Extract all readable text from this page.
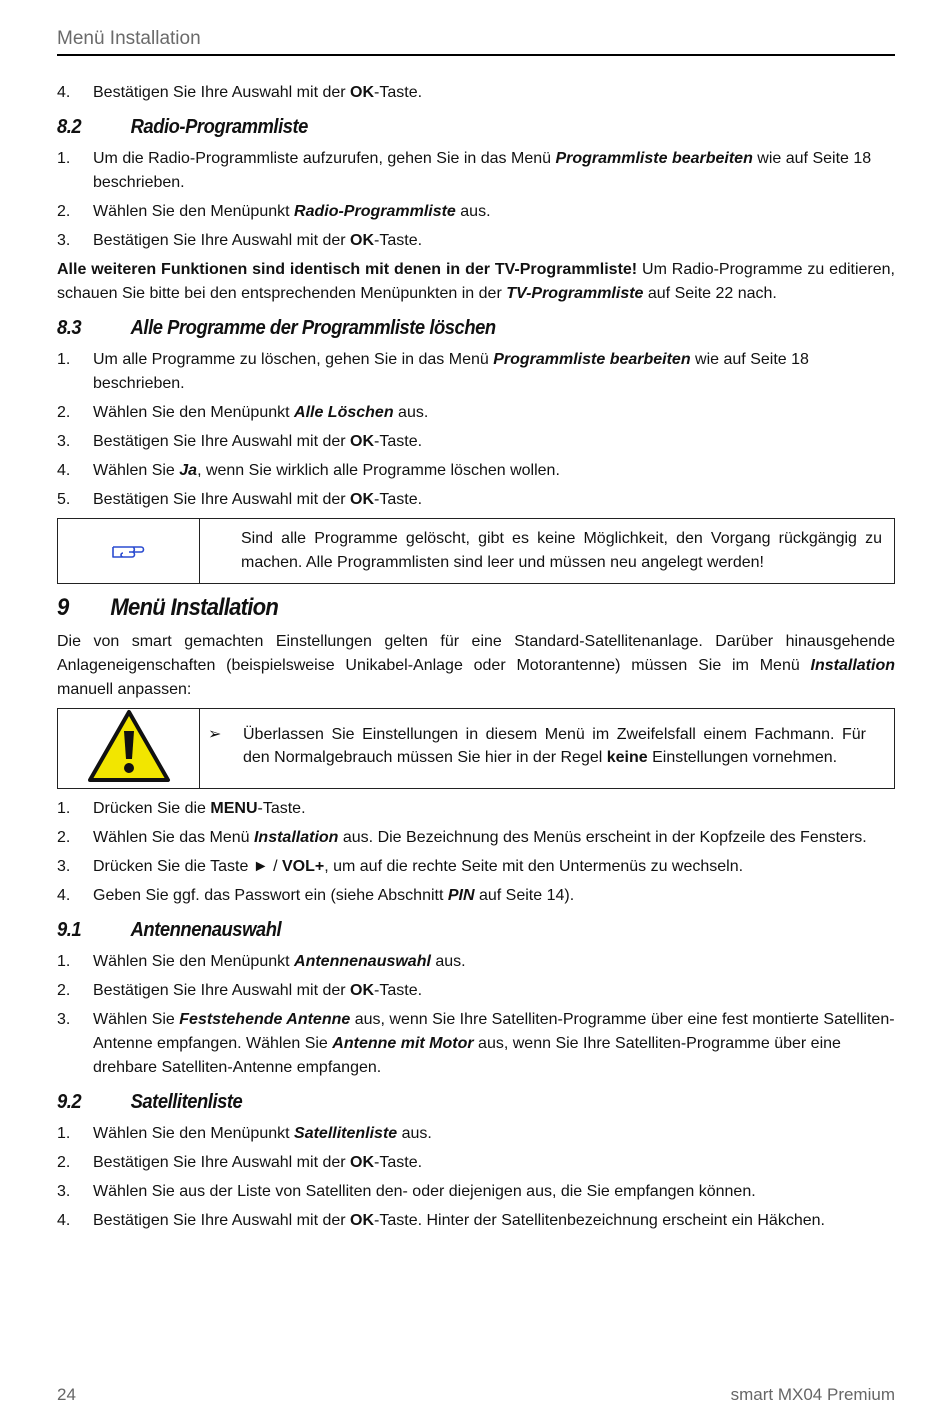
Menü Installation
4.	Bestätigen Sie Ihre Auswahl mit der OK-Taste.
8.2	Radio-Programmliste
1.	Um die Radio-Programmliste aufzurufen, gehen Sie in das Menü Programmliste bearbeiten wie auf Seite 18 beschrieben.
2.	Wählen Sie den Menüpunkt Radio-Programmliste aus.
3.	Bestätigen Sie Ihre Auswahl mit der OK-Taste.

Alle weiteren Funktionen sind identisch mit denen in der TV-Programmliste! Um Radio-Programme zu editieren, schauen Sie bitte bei den entsprechenden Menüpunkten in der TV-Programmliste auf Seite 22 nach.

8.3	Alle Programme der Programmliste löschen
1.	Um alle Programme zu löschen, gehen Sie in das Menü Programmliste bearbeiten wie auf Seite 18 beschrieben.
2.	Wählen Sie den Menüpunkt Alle Löschen aus.
3.	Bestätigen Sie Ihre Auswahl mit der OK-Taste.
4.	Wählen Sie Ja, wenn Sie wirklich alle Programme löschen wollen.
5.	Bestätigen Sie Ihre Auswahl mit der OK-Taste.
Sind alle Programme gelöscht, gibt es keine Möglichkeit, den Vorgang rückgängig zu machen. Alle Programmlisten sind leer und müssen neu angelegt werden!
9	Menü Installation

Die von smart gemachten Einstellungen gelten für eine Standard-Satellitenanlage. Darüber hinausgehende Anlageneigenschaften (beispielsweise Unikabel-Anlage oder Motorantenne) müssen Sie im Menü Installation manuell anpassen:

➢	Überlassen Sie Einstellungen in diesem Menü im Zweifelsfall einem Fachmann. Für den Normalgebrauch müssen Sie hier in der Regel keine Einstellungen vornehmen.
1.	Drücken Sie die MENU-Taste.
2.	Wählen Sie das Menü Installation aus. Die Bezeichnung des Menüs erscheint in der Kopfzeile des Fensters.
3.	Drücken Sie die Taste ► / VOL+, um auf die rechte Seite mit den Untermenüs zu wechseln.
4.	Geben Sie ggf. das Passwort ein (siehe Abschnitt PIN auf Seite 14).
9.1	Antennenauswahl
1.	Wählen Sie den Menüpunkt Antennenauswahl aus.
2.	Bestätigen Sie Ihre Auswahl mit der OK-Taste.
3.	Wählen Sie Feststehende Antenne aus, wenn Sie Ihre Satelliten-Programme über eine fest montierte Satelliten-Antenne empfangen. Wählen Sie Antenne mit Motor aus, wenn Sie Ihre Satelliten-Programme über eine drehbare Satelliten-Antenne empfangen.
9.2	Satellitenliste
1.	Wählen Sie den Menüpunkt Satellitenliste aus.
2.	Bestätigen Sie Ihre Auswahl mit der OK-Taste.
3.	Wählen Sie aus der Liste von Satelliten den- oder diejenigen aus, die Sie empfangen können.
4.	Bestätigen Sie Ihre Auswahl mit der OK-Taste. Hinter der Satellitenbezeichnung erscheint ein Häkchen.
24	smart MX04 Premium
